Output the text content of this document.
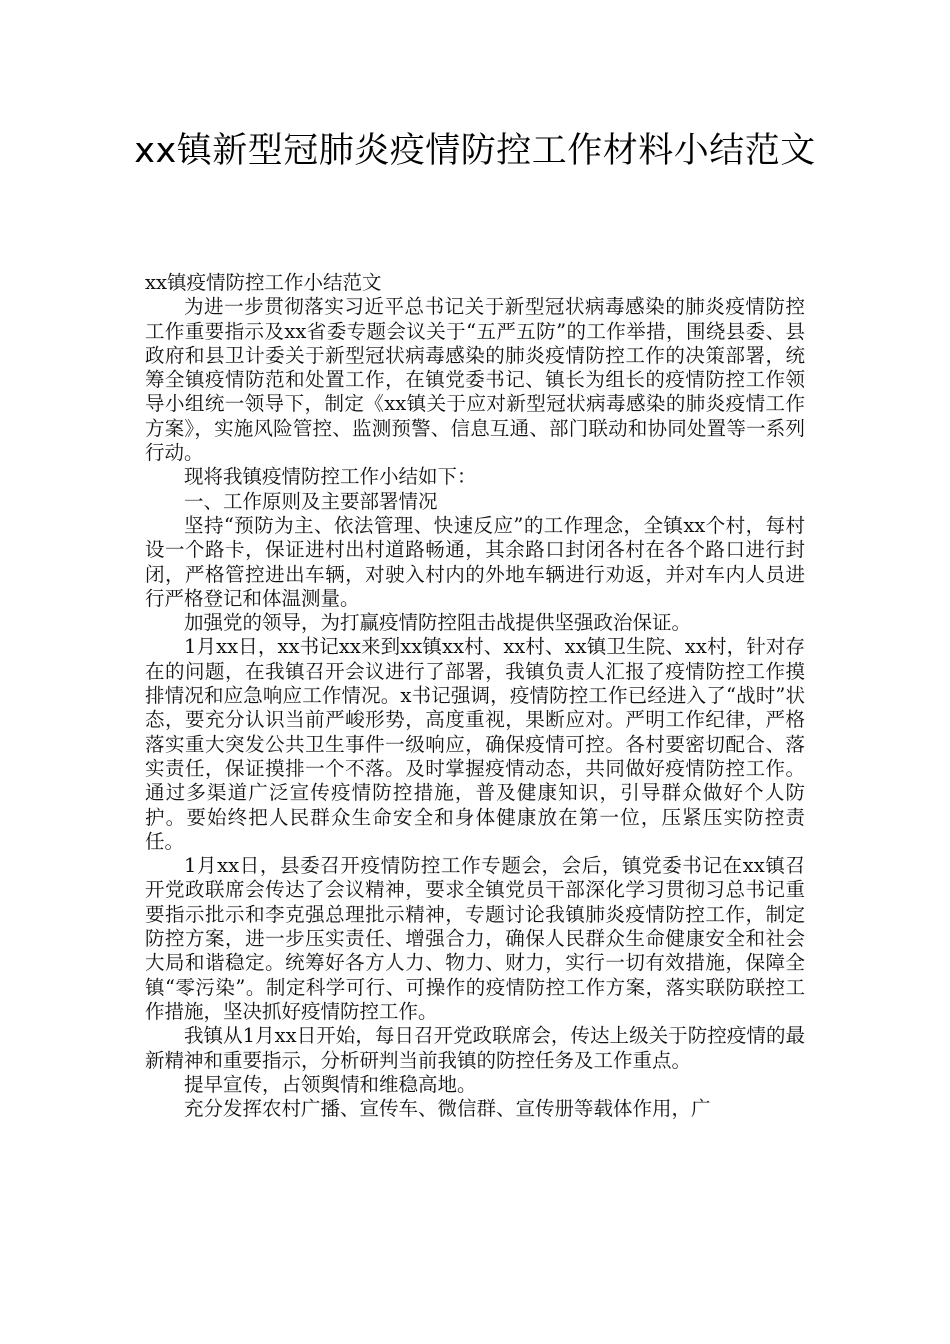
xx镇新型冠肺炎疫情防控工作材料小结范文

xx镇疫情防控工作小结范文

为进一步贯彻落实习近平总书记关于新型冠状病毒感染的肺炎疫情防控工作重要指示及xx省委专题会议关于“五严五防”的工作举措，围绕县委、县政府和县卫计委关于新型冠状病毒感染的肺炎疫情防控工作的决策部署，统筹全镇疫情防范和处置工作，在镇党委书记、镇长为组长的疫情防控工作领导小组统一领导下，制定《xx镇关于应对新型冠状病毒感染的肺炎疫情工作方案》，实施风险管控、监测预警、信息互通、部门联动和协同处置等一系列行动。

现将我镇疫情防控工作小结如下：

一、工作原则及主要部署情况

坚持“预防为主、依法管理、快速反应”的工作理念，全镇xx个村，每村设一个路卡，保证进村出村道路畅通，其余路口封闭各村在各个路口进行封闭，严格管控进出车辆，对驶入村内的外地车辆进行劝返，并对车内人员进行严格登记和体温测量。

加强党的领导，为打赢疫情防控阻击战提供坚强政治保证。

1月xx日，xx书记xx来到xx镇xx村、xx村、xx镇卫生院、xx村，针对存在的问题，在我镇召开会议进行了部署，我镇负责人汇报了疫情防控工作摸排情况和应急响应工作情况。x书记强调，疫情防控工作已经进入了“战时”状态，要充分认识当前严峻形势，高度重视，果断应对。严明工作纪律，严格落实重大突发公共卫生事件一级响应，确保疫情可控。各村要密切配合、落实责任，保证摸排一个不落。及时掌握疫情动态，共同做好疫情防控工作。通过多渠道广泛宣传疫情防控措施，普及健康知识，引导群众做好个人防护。要始终把人民群众生命安全和身体健康放在第一位，压紧压实防控责任。

1月xx日，县委召开疫情防控工作专题会，会后，镇党委书记在xx镇召开党政联席会传达了会议精神，要求全镇党员干部深化学习贯彻习总书记重要指示批示和李克强总理批示精神，专题讨论我镇肺炎疫情防控工作，制定防控方案，进一步压实责任、增强合力，确保人民群众生命健康安全和社会大局和谐稳定。统筹好各方人力、物力、财力，实行一切有效措施，保障全镇“零污染”。制定科学可行、可操作的疫情防控工作方案，落实联防联控工作措施，坚决抓好疫情防控工作。

我镇从1月xx日开始，每日召开党政联席会，传达上级关于防控疫情的最新精神和重要指示，分析研判当前我镇的防控任务及工作重点。

提早宣传，占领舆情和维稳高地。

充分发挥农村广播、宣传车、微信群、宣传册等载体作用，广
